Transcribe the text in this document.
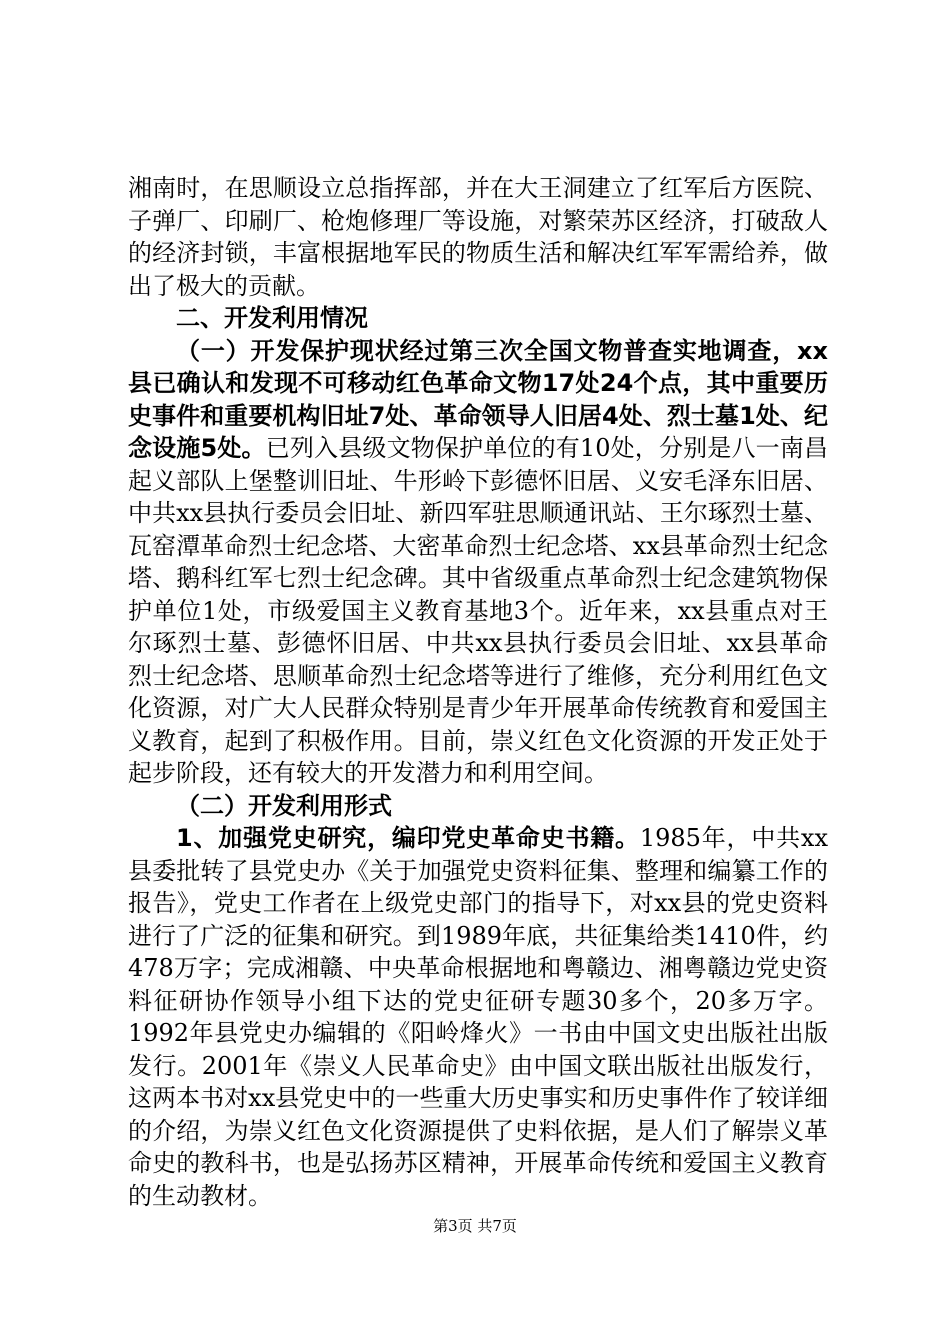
湘南时，在思顺设立总指挥部，并在大王洞建立了红军后方医院、子弹厂、印刷厂、枪炮修理厂等设施，对繁荣苏区经济，打破敌人的经济封锁，丰富根据地军民的物质生活和解决红军军需给养，做出了极大的贡献。

二、开发利用情况

（一）开发保护现状经过第三次全国文物普查实地调查，xx县已确认和发现不可移动红色革命文物17处24个点，其中重要历史事件和重要机构旧址7处、革命领导人旧居4处、烈士墓1处、纪念设施5处。已列入县级文物保护单位的有10处，分别是八一南昌起义部队上堡整训旧址、牛形岭下彭德怀旧居、义安毛泽东旧居、中共xx县执行委员会旧址、新四军驻思顺通讯站、王尔琢烈士墓、瓦窑潭革命烈士纪念塔、大密革命烈士纪念塔、xx县革命烈士纪念塔、鹅科红军七烈士纪念碑。其中省级重点革命烈士纪念建筑物保护单位1处，市级爱国主义教育基地3个。近年来，xx县重点对王尔琢烈士墓、彭德怀旧居、中共xx县执行委员会旧址、xx县革命烈士纪念塔、思顺革命烈士纪念塔等进行了维修，充分利用红色文化资源，对广大人民群众特别是青少年开展革命传统教育和爱国主义教育，起到了积极作用。目前，崇义红色文化资源的开发正处于起步阶段，还有较大的开发潜力和利用空间。

（二）开发利用形式

1、加强党史研究，编印党史革命史书籍。1985年，中共xx县委批转了县党史办《关于加强党史资料征集、整理和编纂工作的报告》，党史工作者在上级党史部门的指导下，对xx县的党史资料进行了广泛的征集和研究。到1989年底，共征集给类1410件，约478万字；完成湘赣、中央革命根据地和粤赣边、湘粤赣边党史资料征研协作领导小组下达的党史征研专题30多个，20多万字。1992年县党史办编辑的《阳岭烽火》一书由中国文史出版社出版发行。2001年《崇义人民革命史》由中国文联出版社出版发行，这两本书对xx县党史中的一些重大历史事实和历史事件作了较详细的介绍，为崇义红色文化资源提供了史料依据，是人们了解崇义革命史的教科书，也是弘扬苏区精神，开展革命传统和爱国主义教育的生动教材。

第3页 共7页
